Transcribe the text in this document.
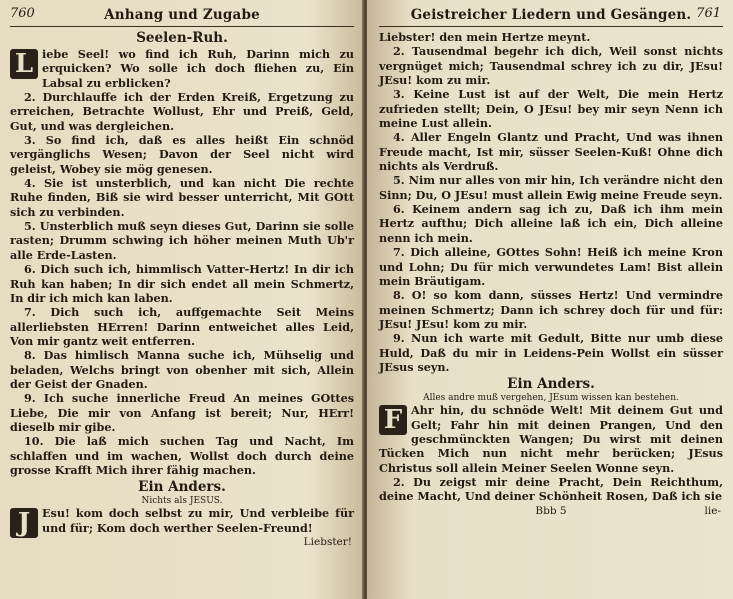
760	Anhang und Zugabe
Seelen-Ruh.

L iebe Seel! wo find ich Ruh, Darinn mich zu erquicken? Wo solle ich doch fliehen zu, Ein Labsal zu erblicken?

2. Durchlauffe ich der Erden Kreiß, Ergetzung zu erreichen, Betrachte Wollust, Ehr und Preiß, Geld, Gut, und was dergleichen.

3. So find ich, daß es alles heißt Ein schnöd vergänglichs Wesen; Davon der Seel nicht wird geleist, Wobey sie mög genesen.

4. Sie ist unsterblich, und kan nicht Die rechte Ruhe finden, Biß sie wird besser unterricht, Mit GOtt sich zu verbinden.

5. Unsterblich muß seyn dieses Gut, Darinn sie solle rasten; Drumm schwing ich höher meinen Muth Ub'r alle Erde-Lasten.

6. Dich such ich, himmlisch Vatter-Hertz! In dir ich Ruh kan haben; In dir sich endet all mein Schmertz, In dir ich mich kan laben.

7. Dich such ich, auffgemachte Seit Meins allerliebsten HErren! Darinn entweichet alles Leid, Von mir gantz weit entferren.

8. Das himlisch Manna suche ich, Mühselig und beladen, Welchs bringt von obenher mit sich, Allein der Geist der Gnaden.

9. Ich suche innerliche Freud An meines GOttes Liebe, Die mir von Anfang ist bereit; Nur, HErr! dieselb mir gibe.

10. Die laß mich suchen Tag und Nacht, Im schlaffen und im wachen, Wollst doch durch deine grosse Krafft Mich ihrer fähig machen.

Ein Anders.
Nichts als JESUS.

J	Esu! kom doch selbst zu mir, Und verbleibe für und für; Kom doch werther Seelen-Freund!

Liebster!
Geistreicher Liedern und Gesängen. 761

Liebster! den mein Hertze meynt.

2. Tausendmal begehr ich dich, Weil sonst nichts vergnüget mich; Tausendmal schrey ich zu dir, JEsu! JEsu! kom zu mir.

3. Keine Lust ist auf der Welt, Die mein Hertz zufrieden stellt; Dein, O JEsu! bey mir seyn Nenn ich meine Lust allein.

4. Aller Engeln Glantz und Pracht, Und was ihnen Freude macht, Ist mir, süsser Seelen-Kuß! Ohne dich nichts als Verdruß.

5. Nim nur alles von mir hin, Ich verändre nicht den Sinn; Du, O JEsu! must allein Ewig meine Freude seyn.

6. Keinem andern sag ich zu, Daß ich ihm mein Hertz aufthu; Dich alleine laß ich ein, Dich alleine nenn ich mein.

7. Dich alleine, GOttes Sohn! Heiß ich meine Kron und Lohn; Du für mich verwundetes Lam! Bist allein mein Bräutigam.

8. O! so kom dann, süsses Hertz! Und vermindre meinen Schmertz; Dann ich schrey doch für und für: JEsu! JEsu! kom zu mir.

9. Nun ich warte mit Gedult, Bitte nur umb diese Huld, Daß du mir in Leidens-Pein Wollst ein süsser JEsus seyn.

Ein Anders.
Alles andre muß vergehen, JEsum wissen kan bestehen.

F Ahr hin, du schnöde Welt! Mit deinem Gut und Gelt; Fahr hin mit deinen Prangen, Und den geschmünckten Wangen; Du wirst mit deinen Tücken Mich nun nicht mehr berücken; JEsus Christus soll allein Meiner Seelen Wonne seyn.

2. Du zeigst mir deine Pracht, Dein Reichthum, deine Macht, Und deiner Schönheit Rosen, Daß ich sie

Bbb 5	lie-
